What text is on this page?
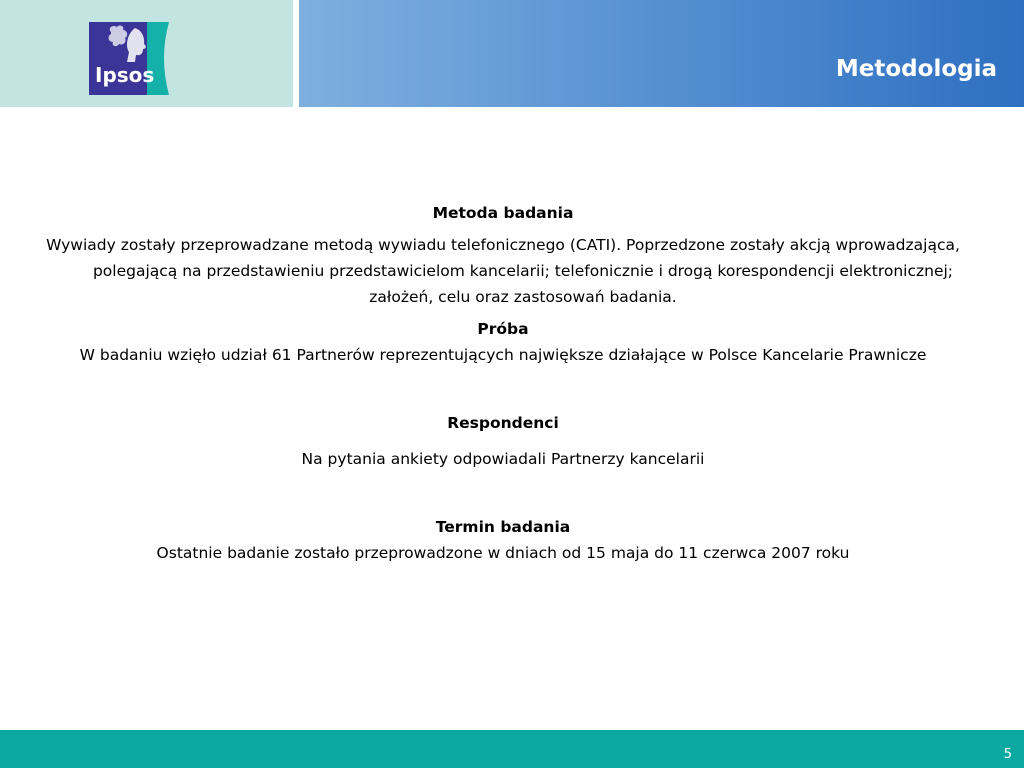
Ipsos	Metodologia

Metoda badania

Wywiady zostały przeprowadzane metodą wywiadu telefonicznego (CATI). Poprzedzone zostały akcją wprowadzająca, polegającą na przedstawieniu przedstawicielom kancelarii; telefonicznie i drogą korespondencji elektronicznej; założeń, celu oraz zastosowań badania.

Próba

W badaniu wzięło udział 61 Partnerów reprezentujących największe działające w Polsce Kancelarie Prawnicze

Respondenci

Na pytania ankiety odpowiadali Partnerzy kancelarii

Termin badania

Ostatnie badanie zostało przeprowadzone w dniach od 15 maja do 11 czerwca 2007 roku

5
